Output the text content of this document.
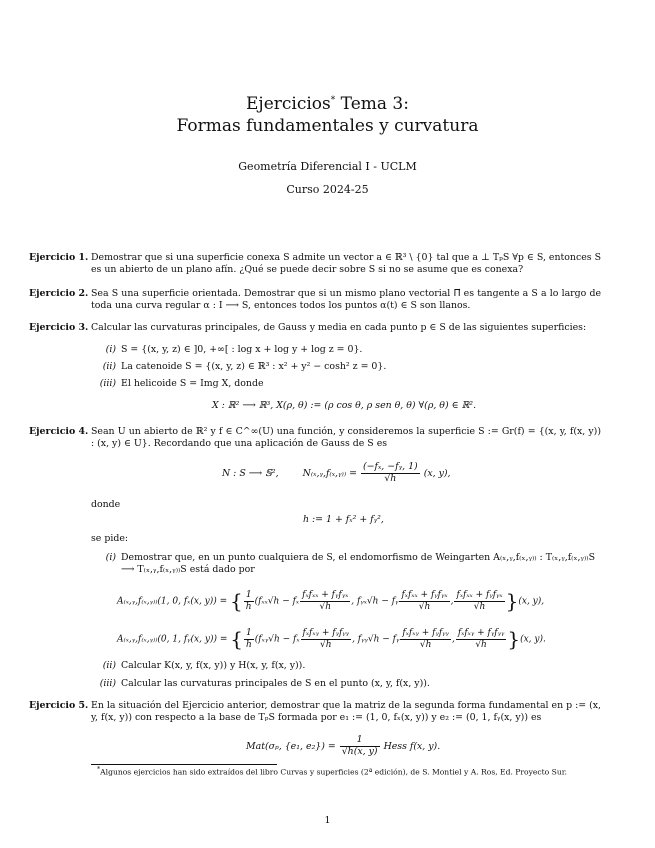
Ejercicios* Tema 3:
Formas fundamentales y curvatura
Geometría Diferencial I - UCLM
Curso 2024-25
Ejercicio 1. Demostrar que si una superficie conexa S admite un vector a ∈ ℝ³ \ {0} tal que a ⊥ TₚS ∀p ∈ S, entonces S es un abierto de un plano afín. ¿Qué se puede decir sobre S si no se asume que es conexa?

Ejercicio 2. Sea S una superficie orientada. Demostrar que si un mismo plano vectorial Π⃗ es tangente a S a lo largo de toda una curva regular α : I ⟶ S, entonces todos los puntos α(t) ∈ S son llanos.

Ejercicio 3. Calcular las curvaturas principales, de Gauss y media en cada punto p ∈ S de las siguientes superficies:

(i) S = {(x, y, z) ∈ ]0, +∞[ : log x + log y + log z = 0}.
(ii) La catenoide S = {(x, y, z) ∈ ℝ³ : x² + y² − cosh² z = 0}.
(iii) El helicoide S = Img X, donde
X : ℝ² ⟶ ℝ³, X(ρ, θ) := (ρ cos θ, ρ sen θ, θ) ∀(ρ, θ) ∈ ℝ².
Ejercicio 4. Sean U un abierto de ℝ² y f ∈ C^∞(U) una función, y consideremos la superficie S := Gr(f) = {(x, y, f(x, y)) : (x, y) ∈ U}. Recordando que una aplicación de Gauss de S es

N : S ⟶ 𝕊²,	N₍ₓ,ᵧ,f₍ₓ,ᵧ₎₎ = $\frac{\text{(−fₓ, −fᵧ, 1)}}{√h} (x$, y),
donde
h := 1 + fₓ² + fᵧ²,
se pide:
(i) Demostrar que, en un punto cualquiera de S, el endomorfismo de Weingarten A₍ₓ,ᵧ,f₍ₓ,ᵧ₎₎ : T₍ₓ,ᵧ,f₍ₓ,ᵧ₎₎S ⟶ T₍ₓ,ᵧ,f₍ₓ,ᵧ₎₎S está dado por
A₍ₓ,ᵧ,f₍ₓ,ᵧ₎₎(1, 0, fₓ(x, y)) = { $\frac{1}{h} (f_{xx}√h - f_x \frac{\text{fₓfₓₓ + fᵧfᵧₓ}}{√h}$ , fᵧₓ√h − fᵧ $\frac{\text{fₓfₓₓ + fᵧfᵧₓ}}{√h}$ , $\frac{\text{fₓfₓₓ + fᵧfᵧₓ}}{√h} \}(x$, y),
A₍ₓ,ᵧ,f₍ₓ,ᵧ₎₎(0, 1, fᵧ(x, y)) = { $\frac{1}{h}$ (fₓᵧ√h − fₓ $\frac{\text{fₓfₓᵧ + fᵧfᵧᵧ}}{√h}$ , fᵧᵧ√h − fᵧ $\frac{\text{fₓfₓᵧ + fᵧfᵧᵧ}}{√h}$ , $\frac{\text{fₓfₓᵧ + fᵧfᵧᵧ}}{√h} \}(x$, y).
(ii) Calcular K(x, y, f(x, y)) y H(x, y, f(x, y)).
(iii) Calcular las curvaturas principales de S en el punto (x, y, f(x, y)).
Ejercicio 5. En la situación del Ejercicio anterior, demostrar que la matriz de la segunda forma fundamental en p := (x, y, f(x, y)) con respecto a la base de TₚS formada por e₁ := (1, 0, fₓ(x, y)) y e₂ := (0, 1, fᵧ(x, y)) es

Mat(σₚ, {e₁, $e_2\}) = \frac{1}{√h(x, y)}$ Hess f(x, y).
*Algunos ejercicios han sido extraídos del libro Curvas y superficies (2ª edición), de S. Montiel y A. Ros, Ed. Proyecto Sur.
1
